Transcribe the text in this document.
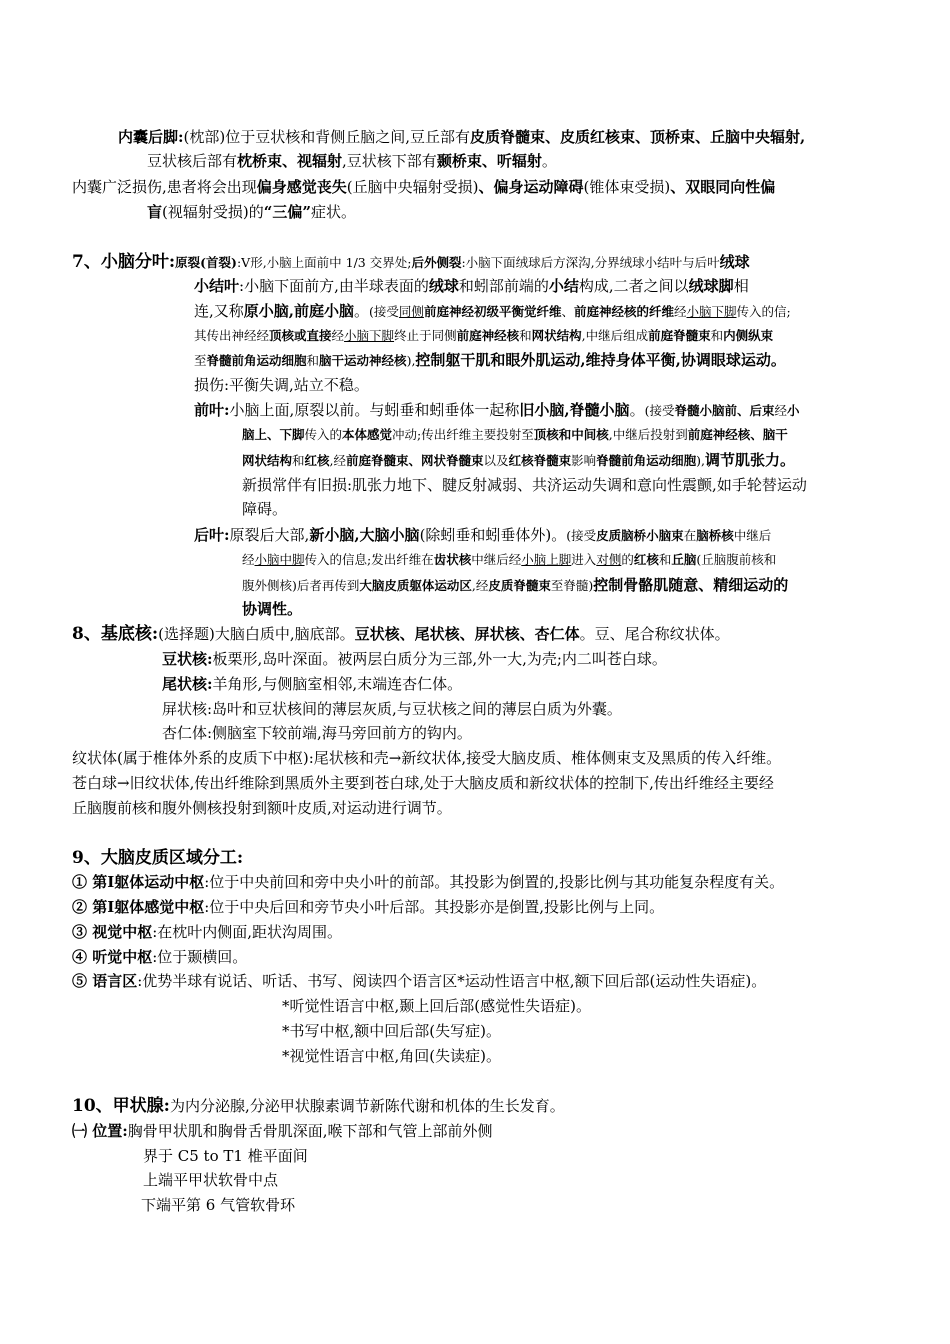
内囊后脚:(枕部)位于豆状核和背侧丘脑之间,豆丘部有皮质脊髓束、皮质红核束、顶桥束、丘脑中央辐射,
豆状核后部有枕桥束、视辐射,豆状核下部有颞桥束、听辐射。
内囊广泛损伤,患者将会出现偏身感觉丧失(丘脑中央辐射受损)、偏身运动障碍(锥体束受损)、双眼同向性偏
盲(视辐射受损)的“三偏”症状。
7、小脑分叶:原裂(首裂):V形,小脑上面前中 1/3 交界处;后外侧裂:小脑下面绒球后方深沟,分界绒球小结叶与后叶绒球
小结叶:小脑下面前方,由半球表面的绒球和蚓部前端的小结构成,二者之间以绒球脚相
连,又称原小脑,前庭小脑。(接受同侧前庭神经初级平衡觉纤维、前庭神经核的纤维经小脑下脚传入的信;
其传出神经经顶核或直接经小脑下脚终止于同侧前庭神经核和网状结构,中继后组成前庭脊髓束和内侧纵束
至脊髓前角运动细胞和脑干运动神经核),控制躯干肌和眼外肌运动,维持身体平衡,协调眼球运动。
损伤:平衡失调,站立不稳。
前叶:小脑上面,原裂以前。与蚓垂和蚓垂体一起称旧小脑,脊髓小脑。(接受脊髓小脑前、后束经小
脑上、下脚传入的本体感觉冲动;传出纤维主要投射至顶核和中间核,中继后投射到前庭神经核、脑干
网状结构和红核,经前庭脊髓束、网状脊髓束以及红核脊髓束影响脊髓前角运动细胞),调节肌张力。
新损常伴有旧损:肌张力地下、腱反射减弱、共济运动失调和意向性震颤,如手轮替运动
障碍。
后叶:原裂后大部,新小脑,大脑小脑(除蚓垂和蚓垂体外)。(接受皮质脑桥小脑束在脑桥核中继后
经小脑中脚传入的信息;发出纤维在齿状核中继后经小脑上脚进入对侧的红核和丘脑(丘脑腹前核和
腹外侧核)后者再传到大脑皮质躯体运动区,经皮质脊髓束至脊髓)控制骨骼肌随意、精细运动的
协调性。
8、基底核:(选择题)大脑白质中,脑底部。豆状核、尾状核、屏状核、杏仁体。豆、尾合称纹状体。
豆状核:板栗形,岛叶深面。被两层白质分为三部,外一大,为壳;内二叫苍白球。
尾状核:羊角形,与侧脑室相邻,末端连杏仁体。
屏状核:岛叶和豆状核间的薄层灰质,与豆状核之间的薄层白质为外囊。
杏仁体:侧脑室下较前端,海马旁回前方的钩内。
纹状体(属于椎体外系的皮质下中枢):尾状核和壳→新纹状体,接受大脑皮质、椎体侧束支及黑质的传入纤维。
苍白球→旧纹状体,传出纤维除到黑质外主要到苍白球,处于大脑皮质和新纹状体的控制下,传出纤维经主要经
丘脑腹前核和腹外侧核投射到额叶皮质,对运动进行调节。
9、大脑皮质区域分工:
① 第Ⅰ躯体运动中枢:位于中央前回和旁中央小叶的前部。其投影为倒置的,投影比例与其功能复杂程度有关。
② 第Ⅰ躯体感觉中枢:位于中央后回和旁节央小叶后部。其投影亦是倒置,投影比例与上同。
③ 视觉中枢:在枕叶内侧面,距状沟周围。
④ 听觉中枢:位于颞横回。
⑤ 语言区:优势半球有说话、听话、书写、阅读四个语言区*运动性语言中枢,额下回后部(运动性失语症)。
*听觉性语言中枢,颞上回后部(感觉性失语症)。
*书写中枢,额中回后部(失写症)。
*视觉性语言中枢,角回(失读症)。
10、甲状腺:为内分泌腺,分泌甲状腺素调节新陈代谢和机体的生长发育。
㈠ 位置:胸骨甲状肌和胸骨舌骨肌深面,喉下部和气管上部前外侧
界于 C5 to T1 椎平面间
上端平甲状软骨中点
下端平第 6 气管软骨环
